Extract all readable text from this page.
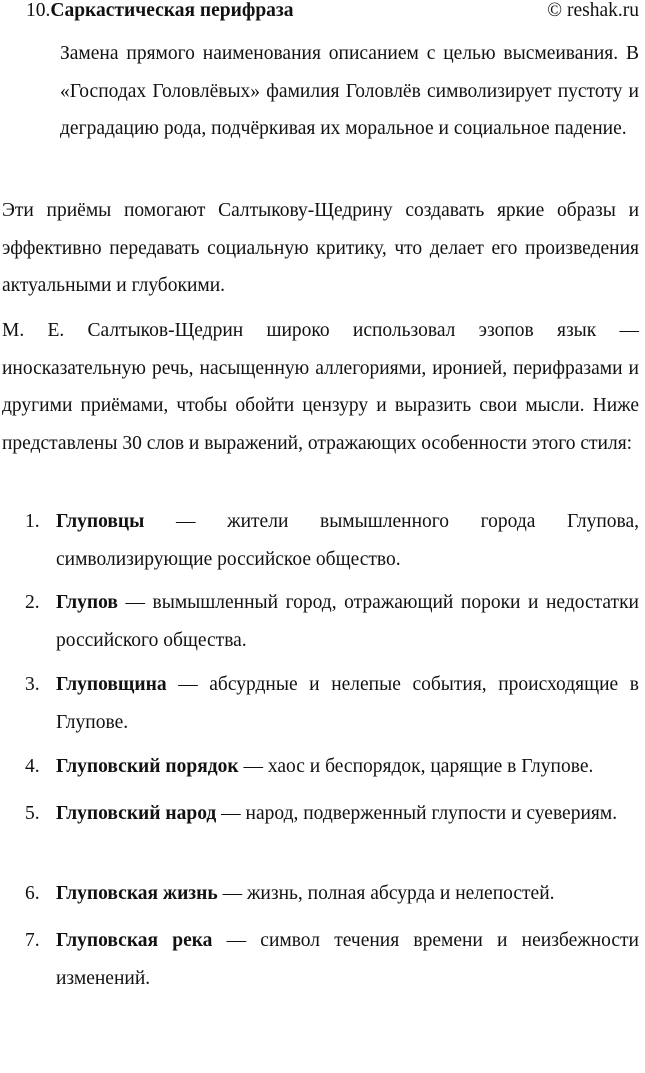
10.Саркастическая перифраза	© reshak.ru

Замена прямого наименования описанием с целью высмеивания. В «Господах Головлёвых» фамилия Головлёв символизирует пустоту и деградацию рода, подчёркивая их моральное и социальное падение.

Эти приёмы помогают Салтыкову-Щедрину создавать яркие образы и эффективно передавать социальную критику, что делает его произведения актуальными и глубокими.

М. Е. Салтыков-Щедрин широко использовал эзопов язык — иносказательную речь, насыщенную аллегориями, иронией, перифразами и другими приёмами, чтобы обойти цензуру и выразить свои мысли. Ниже представлены 30 слов и выражений, отражающих особенности этого стиля:

1. Глуповцы — жители вымышленного города Глупова, символизирующие российское общество.
2. Глупов — вымышленный город, отражающий пороки и недостатки российского общества.
3. Глуповщина — абсурдные и нелепые события, происходящие в Глупове.
4. Глуповский порядок — хаос и беспорядок, царящие в Глупове.
5. Глуповский народ — народ, подверженный глупости и суевериям.
6. Глуповская жизнь — жизнь, полная абсурда и нелепостей.
7. Глуповская река — символ течения времени и неизбежности изменений.
